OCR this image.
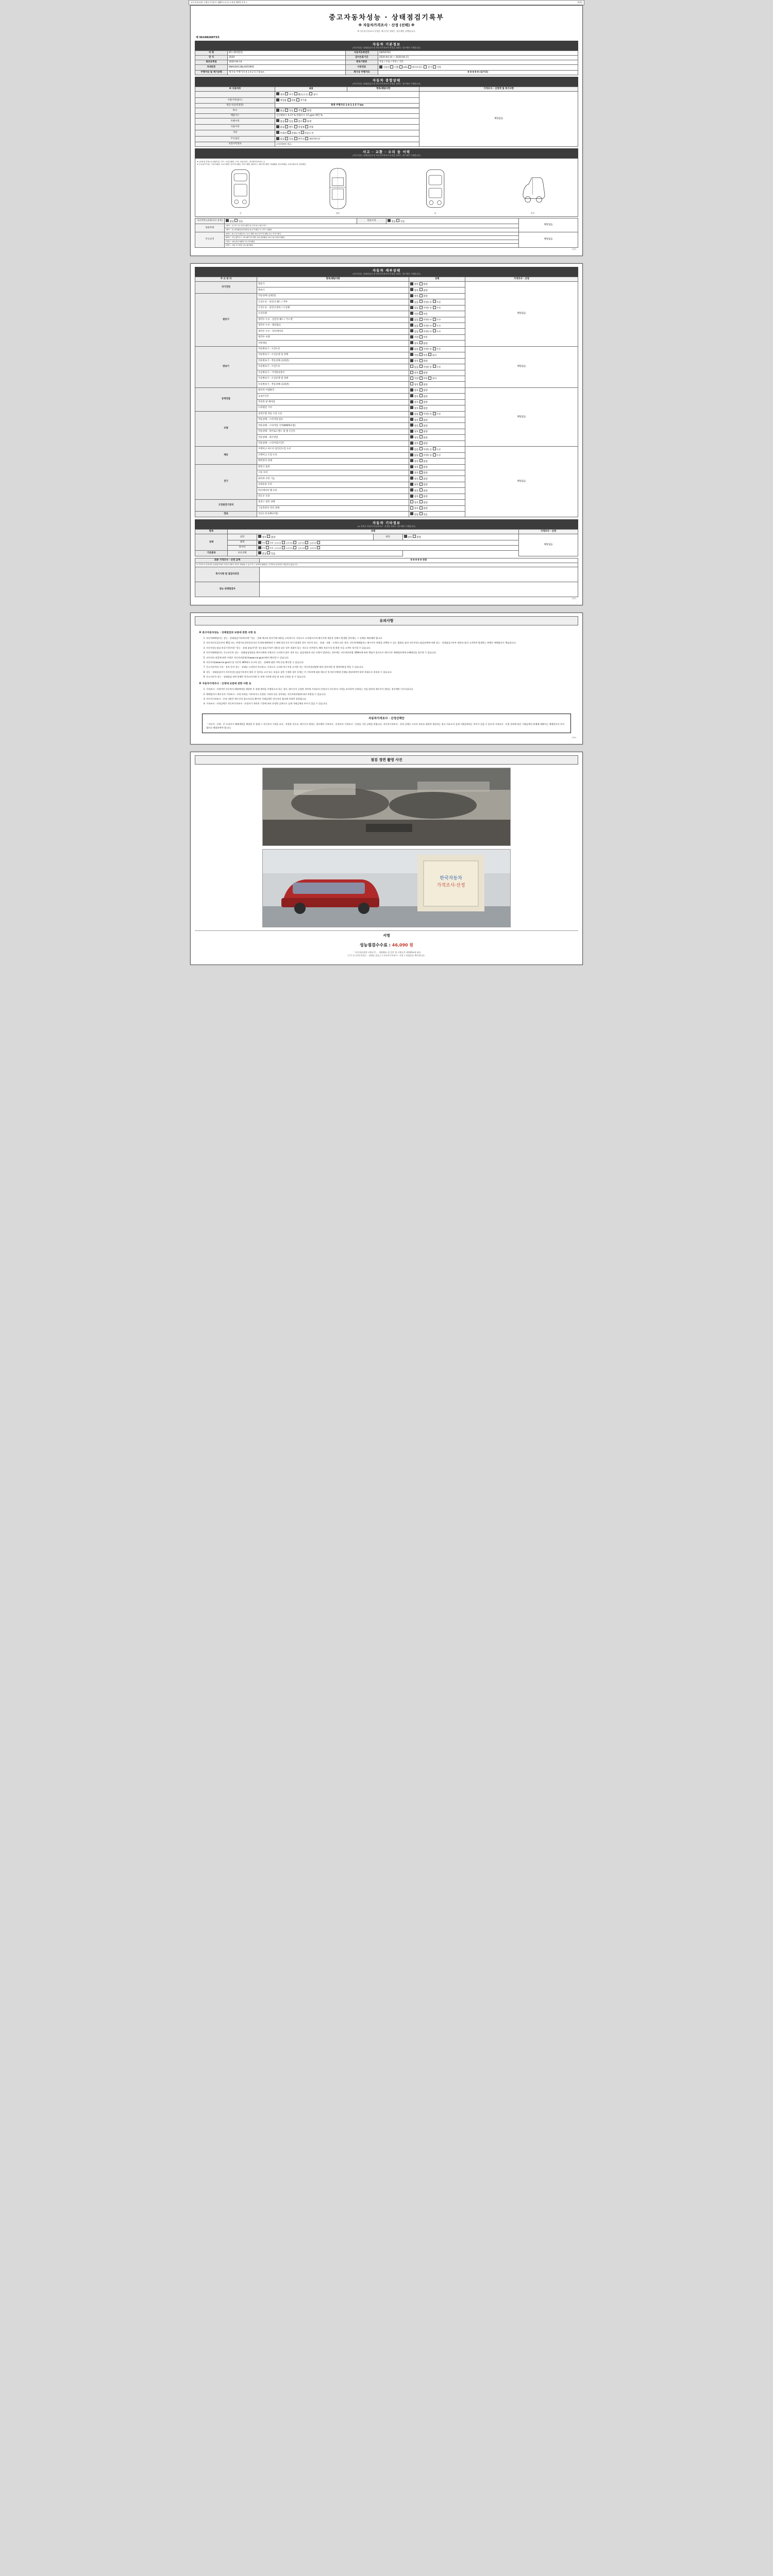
자동차관리법 시행규칙 [별지 제82호서식] <개정 2021.1.5.>	(3쪽)
중고자동차성능 · 상태점검기록부
※ 자동차가격조사 · 산정 (선택) ※
※ 자동차가격조사·산정은 매수인이 원하는 경우에만 선택합니다.
제 5610826973호
자동차 기본정보
(자동차성능·상태점검자 및 자동차가격조사·산정을 원하는 경우에만 기재합니다)
차 명	K5 (세바엔진)	자동차등록번호	26056702
연 식	2020	검사유효기간	2020-04-14 ~ 2020-04-11
최초등록일	2020-04-14	변속기종류	자동 / 수동 / 무단 / 기타
차대번호	KNAG6413BLA055905	사용연료	가솔린 디젤 LPG 하이브리드 전기 기타
주행거리 및 계기상태	계기상 주행거리 0 1 0 2 5 7 8 km	계기상 주행거리	0 0 0 0 0 (실거리)
자동차 종합상태
(자동차성능·상태점검자 및 자동차가격조사·산정을 원하는 경우에만 기재합니다)
※ 사용여부	내용	항목/해당사항	가격조사 · 산정액 및 특기사항
	양호 부식 훼손(오손) 상이		해당없음
사용이력(용도)	영업용 관용 자가용		
원동기(동력전달)	현재 주행거리 1 0 1 2 5 7 km		
튜닝	없음 있음 적법 불법		
배출가스	일산화탄소 0.17 % 탄화수소 17 ppm 매연 %		
특별이력	없음 있음 침수 화재		
사용이력	없음 렌트 영업용 관용		
색상	무채색 전체도색 부분도색		
주요옵션	없음 있음 썬루프 내비게이션		
보험이력정보	(보험개발원 제공)		
사고 · 교환 · 수리 등 이력
(자동차성능·상태점검자 및 자동차가격조사·산정을 원하는 경우에만 기재합니다)
※ (교체 및 부착) 1) 외판부위 : 후드, 프론트펜더, 도어, 트렁크리드, 라디에이터서포트 등
※ 주요골격 부위 : 프론트패널, 크로스멤버, 인사이드패널, 사이드멤버, 휠하우스, 패키지트레이, 대쉬패널, 플로어패널, 트렁크플로어, 리어패널
앞	윗면	뒤	측면
사고이력 (교차/사고 유무)	없음 있음	단순수리	없음 있음	해당없음
외판부위	1랭크 : 1) 후드 2) 프론트펜더 3) 도어 4) 트렁크리드			
	2랭크 : 5) 쿼터패널(리어펜더) 6) 루프패널 7) 사이드실패널			
주요골격	A랭크 : 8) 프론트패널 9) 크로스멤버 10) 인사이드패널 11) 사이드멤버			해당없음
	B랭크 : 12) 휠하우스 13) 패키지트레이 14) 대쉬패널 15) 트렁크플로어패널			
	C랭크 : 16) 플로어패널 17) 리어패널			
	D랭크 : 18) 루프레일 19) 필러패널			
(3쪽)
자동차 세부상태
(자동차성능·상태점검자 및 자동차가격조사·산정을 원하는 경우에만 기재합니다)
주 요 장 치	항목/해당사항	상태	가격조사 · 산정
자기진단	원동기	양호 불량	해당없음
	변속기	양호 불량	
원동기	작동상태 (공회전)	양호 불량	
	오일누유 - 실린더 헤드 / 커버	없음 미세누유 누유	
	오일누유 - 실린더 블록 / 오일팬	없음 미세누유 누유	
	오일유량	적정 부족	
	냉각수 누수 - 실린더 헤드 / 가스켓	없음 미세누수 누수	
	냉각수 누수 - 워터펌프	없음 미세누수 누수	
	냉각수 누수 - 라디에이터	없음 미세누수 누수	
	냉각수 수량	적정 부족	
	커먼레일	양호 불량	
변속기	자동변속기 - 오일누유	없음 미세누유 누유	해당없음
	자동변속기 - 오일유량 및 상태	적정 부족 과다	
	자동변속기 - 작동상태 (공회전)	양호 불량	
	수동변속기 - 오일누유	없음 미세누유 누유	
	수동변속기 - 기어변속장치	양호 불량	
	수동변속기 - 오일유량 및 상태	적정 부족 과다	
	수동변속기 - 작동상태 (공회전)	양호 불량	
동력전달	클러치 어셈블리	양호 불량	해당없음
	등속조인트	양호 불량	
	추진축 및 베어링	양호 불량	
	디퍼렌셜 기어	양호 불량	
조향	동력조향 작동 오일 누유	없음 미세누유 누유	
	작동상태 - 스티어링 펌프	양호 불량	
	작동상태 - 스티어링 기어(MDPS포함)	양호 불량	
	작동상태 - 타이로드엔드 및 볼 조인트	양호 불량	
	작동상태 - 피트먼암	양호 불량	
	작동상태 - 스티어링조인트	양호 불량	
제동	브레이크 마스터 실린더오일 누유	없음 미세누유 누유	해당없음
	브레이크 오일 누유	없음 미세누유 누유	
	배력장치 상태	양호 불량	
전기	발전기 출력	양호 불량	
	시동 모터	양호 불량	
	와이퍼 모터 기능	양호 불량	
	실내송풍 모터	양호 불량	
	라디에이터 팬 모터	양호 불량	
	윈도우 모터	양호 불량	
고전원전기장치	충전구 절연 상태	양호 불량	
	구동축전지 격리 상태	양호 불량	
연료	연료누설 (LPG포함)	없음 있음	
자동차 기타정보
(※ 항목은 속하지 아니하거나 · 산정을 원하는 경우에만 기재합니다)
항목	상태				가격조사 · 산정
상태	외장	양호 불량	내장	양호 불량	해당없음
	광택	양호 불량 운전석전 운전석후 동반석전 동반석후			
	타이어	양호 불량 운전석전 운전석후 동반석전 동반석후			
기본품목	보유상태	없음 있음			
최종 가격조사 · 산정 금액	0 0 0 0 0 천원
※ 가격조사·산정자의 실제평가액과 가격조사액이 차이가 발생할 수 있으며 그 차액에 대해서는 가격조사·산정자가 책임지지 않습니다.	
특기사항 및 점검자의견	
성능·상태점검자	
(3쪽)
유의사항
※ 중고자동차성능 · 상태점검과 보증에 관한 사항 등
1. 자동차매매업자는 성능 · 상태점검기록부(이하 "성능 · 상태 체크라 한다")에 내용을 고의적으로 거짓으로 고지함으로써 매수인에 재산상 손해가 발생한 경우에는 그 손해를 배상해야 합니다.
2. 자동차인도일로부터 30일 또는 주행거리 2천킬로미터 이내에 매매계약 시 매매 보증기간 등이 발생한 경우 자동차 성능 · 상태 · 내용 · 고객의 다른 경우, 자동차매매업자는 매수인이 차량을 선택할 수 있는 범위를 달리 자동차성능점검장에게 아래 성능 · 상태점검기록부 내용과 달리 고지하여 발생하는 분쟁은 매매업자가 책임집니다.
3. 자동차성능점검 보증기간(이하 "성능 · 상태 점검자")은 성능점검기록부 내용과 다른 경우 결함이 있는 것으로 간주하며, 해당 보증수리 및 환불 등을 고객이 청구할 수 있습니다.
4. 자동차매매업자는 중고자동차 성능 · 상태점검내용을 매수인에게 서면으로 고지하지 않은 경우 또는 점검내용과 다른 사항이 발견되는 경우에는 자동차관리법 제58조에 따라 책임이 있으므로 매수인은 매매업자에게 손해배상을 청구할 수 있습니다.
5. 자동차의 리콜에 관한 사항은 자동차리콜센터(www.car.go.kr)에서 확인할 수 있습니다.
6. 자동차의(www.car.go.kr) 및 자동차 365에서 중고차 성능 · 상태에 대한 이력 등을 확인할 수 있습니다.
7. 중고자동차의 구조 · 장치 등의 성능 · 상태를 고지하지 아니하고, 거짓으로 고지하거나 부정 고지한 자는 자동차관리법에 따라 형사처벌 및 행정처분을 받을 수 있습니다.
8. 성능 · 상태점검자가 자동차성능점검기록부의 항목 중 일부를 고의 또는 과실로 잘못 기재한 경우 등에는 이 기록부에 따라 매도인 및 매수인에게 손해를 배상하여야 하며 보험으로 처리할 수 있습니다.
9. 중고자동차 성능 · 상태점검 관련 분쟁은 한국소비자원 등 관계 기관에 상담 및 조정 신청을 할 수 있습니다.
※ 자동차가격조사 · 산정에 보증에 관한 사항 등
1. 가격조사 · 산정이란 자동차의 매매계약을 체결한 후 장래 계약을 이행하고자 하는 경우, 매수인이 신청한 경우에 가격조사·산정자가 자동차의 가격을 조사하여 산정하는 것을 말하며 매수인이 원하는 경우에만 이루어집니다.
2. 매매업자가 매수인의 가격조사 · 산정 의뢰를 거부하거나 산정된 가격과 다른 경우에는 자동차관리법에 따라 처벌될 수 있습니다.
3. 자동차가격조사 · 산정 내용은 매수인의 참고자료일 뿐이며 거래금액은 당사자의 협의에 의하여 결정됩니다.
4. 가격조사 · 산정금액은 자동차가격조사 · 산정자가 객관적 기준에 따라 산정한 금액으로 실제 거래금액과 차이가 있을 수 있습니다.
자동차가격조사 · 산정선택안
「자동차 · 산정」은 소비자가 매매계약을 체결한 후 장래 그 자동차의 가격을 조사 · 산정한 것으로, 매수인이 원하는 경우에만 가격조사 · 산정자의 가격조사 · 산정을 거친 금액을 말합니다. 자동차가격조사 · 산정 금액은 소비자 보호를 위하여 제공하는 참고 자료로서 실제 거래금액과는 차이가 있을 수 있으며 가격조사 · 산정 결과에 따른 거래금액의 분쟁에 대해서는 매매당사자 간의 협의로 해결하여야 합니다.
(3쪽)
점검 정면 촬영 사진
한국자동차
가격조사·산정
서명
성능점검수수료 : 46,090 원
「 자동차관리법 시행규칙 」 제120조 및 같은 법 시행규칙 제120조에 따라
[ 1 ] 중고자동차성능 · 상태를 점검, [ ] 자동차가격조사 · 산정 } 하였음을 확인합니다.
